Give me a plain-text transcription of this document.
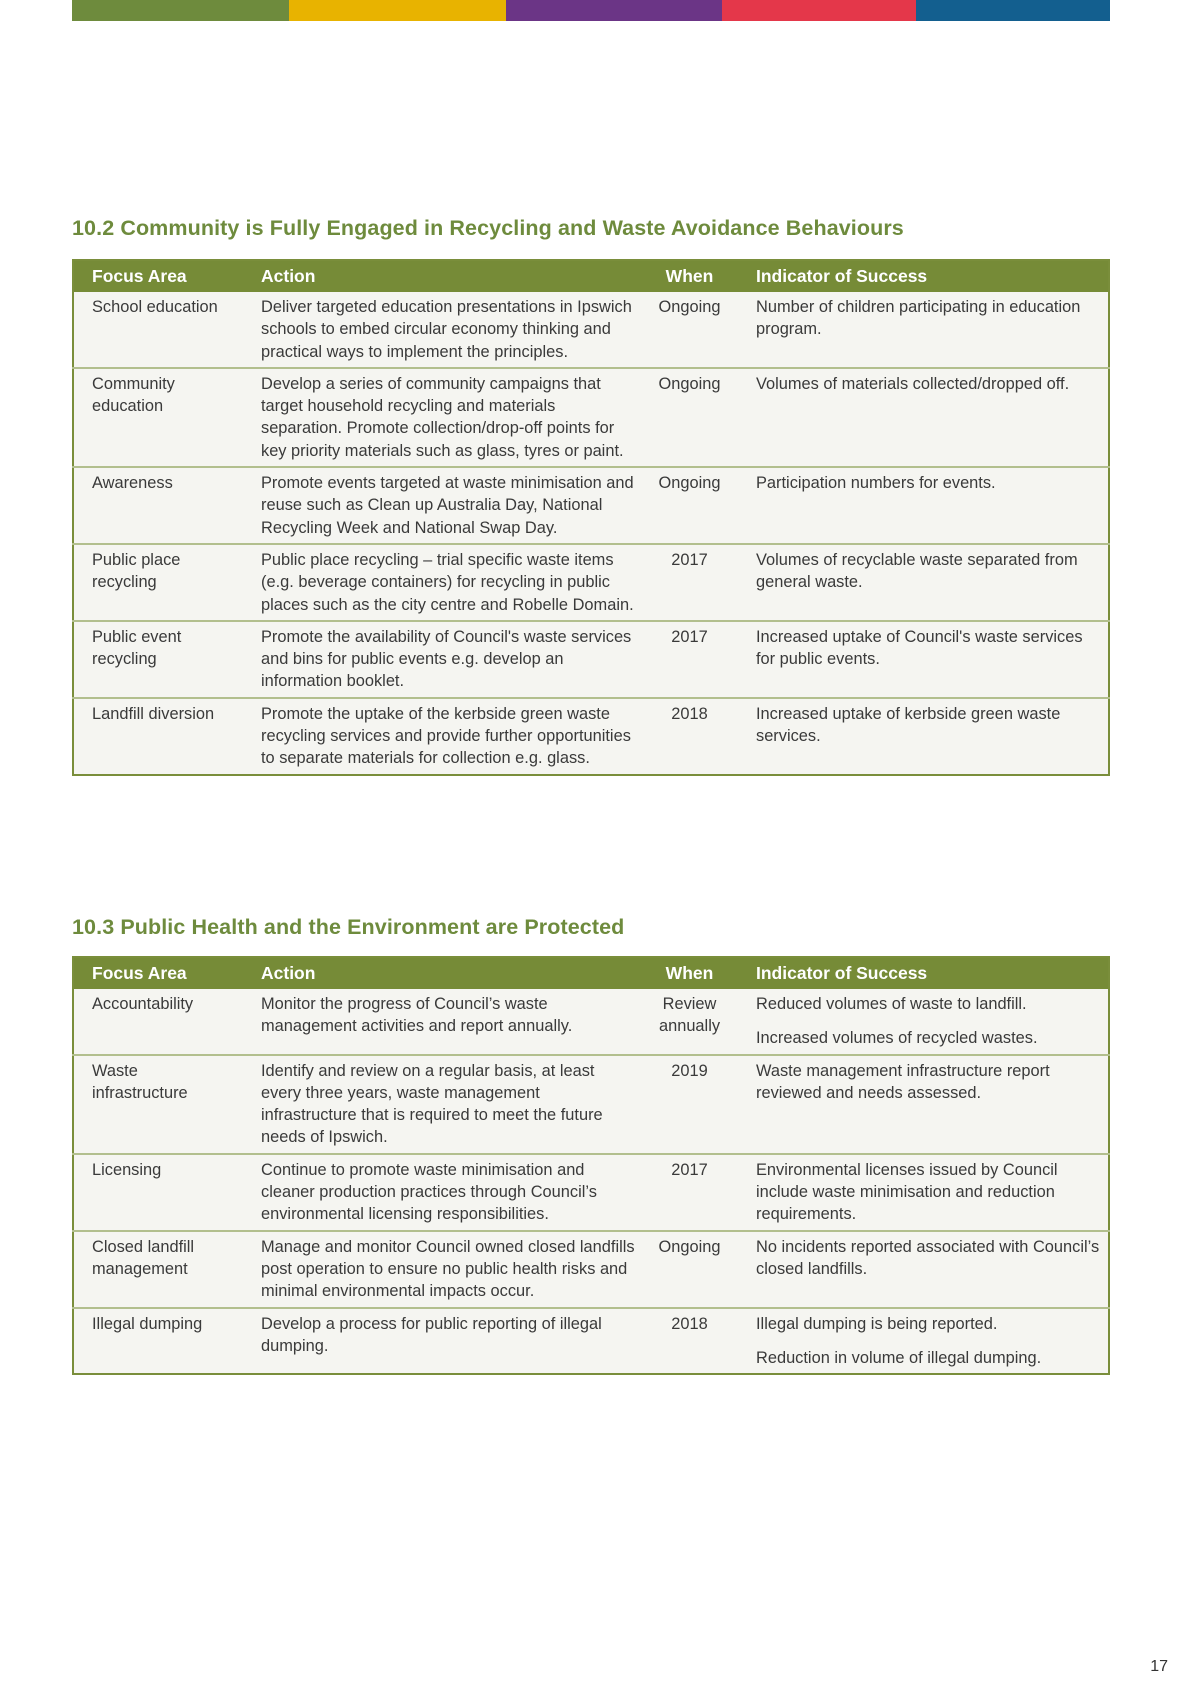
10.2 Community is Fully Engaged in Recycling and Waste Avoidance Behaviours
Focus Area	Action	When	Indicator of Success
School education	Deliver targeted education presentations in Ipswich schools to embed circular economy thinking and practical ways to implement the principles.	Ongoing	Number of children participating in education program.

Community education	Develop a series of community campaigns that target household recycling and materials separation. Promote collection/drop-off points for key priority materials such as glass, tyres or paint.	Ongoing	Volumes of materials collected/dropped off.

Awareness	Promote events targeted at waste minimisation and reuse such as Clean up Australia Day, National Recycling Week and National Swap Day.	Ongoing	Participation numbers for events.

Public place recycling	Public place recycling – trial specific waste items (e.g. beverage containers) for recycling in public places such as the city centre and Robelle Domain.	2017	Volumes of recyclable waste separated from general waste.

Public event recycling	Promote the availability of Council's waste services and bins for public events e.g. develop an information booklet.	2017	Increased uptake of Council's waste services for public events.

Landfill diversion	Promote the uptake of the kerbside green waste recycling services and provide further opportunities to separate materials for collection e.g. glass.	2018	Increased uptake of kerbside green waste services.
10.3 Public Health and the Environment are Protected
Focus Area	Action	When	Indicator of Success
Accountability	Monitor the progress of Council’s waste management activities and report annually.	Review annually	Reduced volumes of waste to landfill.
Increased volumes of recycled wastes.

Waste infrastructure	Identify and review on a regular basis, at least every three years, waste management infrastructure that is required to meet the future needs of Ipswich.	2019	Waste management infrastructure report reviewed and needs assessed.

Licensing	Continue to promote waste minimisation and cleaner production practices through Council’s environmental licensing responsibilities.	2017	Environmental licenses issued by Council include waste minimisation and reduction requirements.

Closed landfill management	Manage and monitor Council owned closed landfills post operation to ensure no public health risks and minimal environmental impacts occur.	Ongoing	No incidents reported associated with Council’s closed landfills.

Illegal dumping	Develop a process for public reporting of illegal dumping.	2018	Illegal dumping is being reported.
Reduction in volume of illegal dumping.
17
